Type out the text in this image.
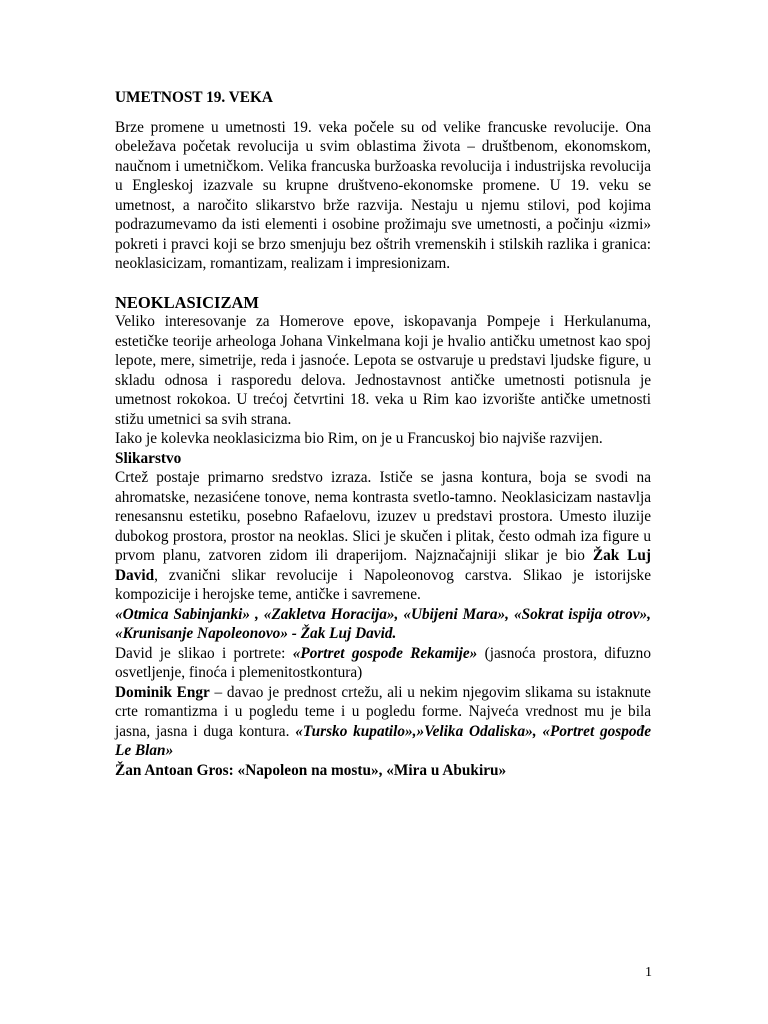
UMETNOST 19. VEKA

Brze promene u umetnosti 19. veka počele su od velike francuske revolucije. Ona obeležava početak revolucija u svim oblastima života – društbenom, ekonomskom, naučnom i umetničkom. Velika francuska buržoaska revolucija i industrijska revolucija u Engleskoj izazvale su krupne društveno-ekonomske promene. U 19. veku se umetnost, a naročito slikarstvo brže razvija. Nestaju u njemu stilovi, pod kojima podrazumevamo da isti elementi i osobine prožimaju sve umetnosti, a počinju «izmi» pokreti i pravci koji se brzo smenjuju bez oštrih vremenskih i stilskih razlika i granica: neoklasicizam, romantizam, realizam i impresionizam.

NEOKLASICIZAM

Veliko interesovanje za Homerove epove, iskopavanja Pompeje i Herkulanuma, estetičke teorije arheologa Johana Vinkelmana koji je hvalio antičku umetnost kao spoj lepote, mere, simetrije, reda i jasnoće. Lepota se ostvaruje u predstavi ljudske figure, u skladu odnosa i rasporedu delova. Jednostavnost antičke umetnosti potisnula je umetnost rokokoa. U trećoj četvrtini 18. veka u Rim kao izvorište antičke umetnosti stižu umetnici sa svih strana.

Iako je kolevka neoklasicizma bio Rim, on je u Francuskoj bio najviše razvijen.

Slikarstvo

Crtež postaje primarno sredstvo izraza. Ističe se jasna kontura, boja se svodi na ahromatske, nezasićene tonove, nema kontrasta svetlo-tamno. Neoklasicizam nastavlja renesansnu estetiku, posebno Rafaelovu, izuzev u predstavi prostora. Umesto iluzije dubokog prostora, prostor na neoklas. Slici je skučen i plitak, često odmah iza figure u prvom planu, zatvoren zidom ili draperijom. Najznačajniji slikar je bio Žak Luj David, zvanični slikar revolucije i Napoleonovog carstva. Slikao je istorijske kompozicije i herojske teme, antičke i savremene.

«Otmica Sabinjanki» , «Zakletva Horacija», «Ubijeni Mara», «Sokrat ispija otrov», «Krunisanje Napoleonovo» - Žak Luj David.

David je slikao i portrete: «Portret gospođe Rekamije» (jasnoća prostora, difuzno osvetljenje, finoća i plemenitostkontura)

Dominik Engr – davao je prednost crtežu, ali u nekim njegovim slikama su istaknute crte romantizma i u pogledu teme i u pogledu forme. Najveća vrednost mu je bila jasna, jasna i duga kontura. «Tursko kupatilo»,»Velika Odaliska», «Portret gospođe Le Blan»

Žan Antoan Gros: «Napoleon na mostu», «Mira u Abukiru»

1
